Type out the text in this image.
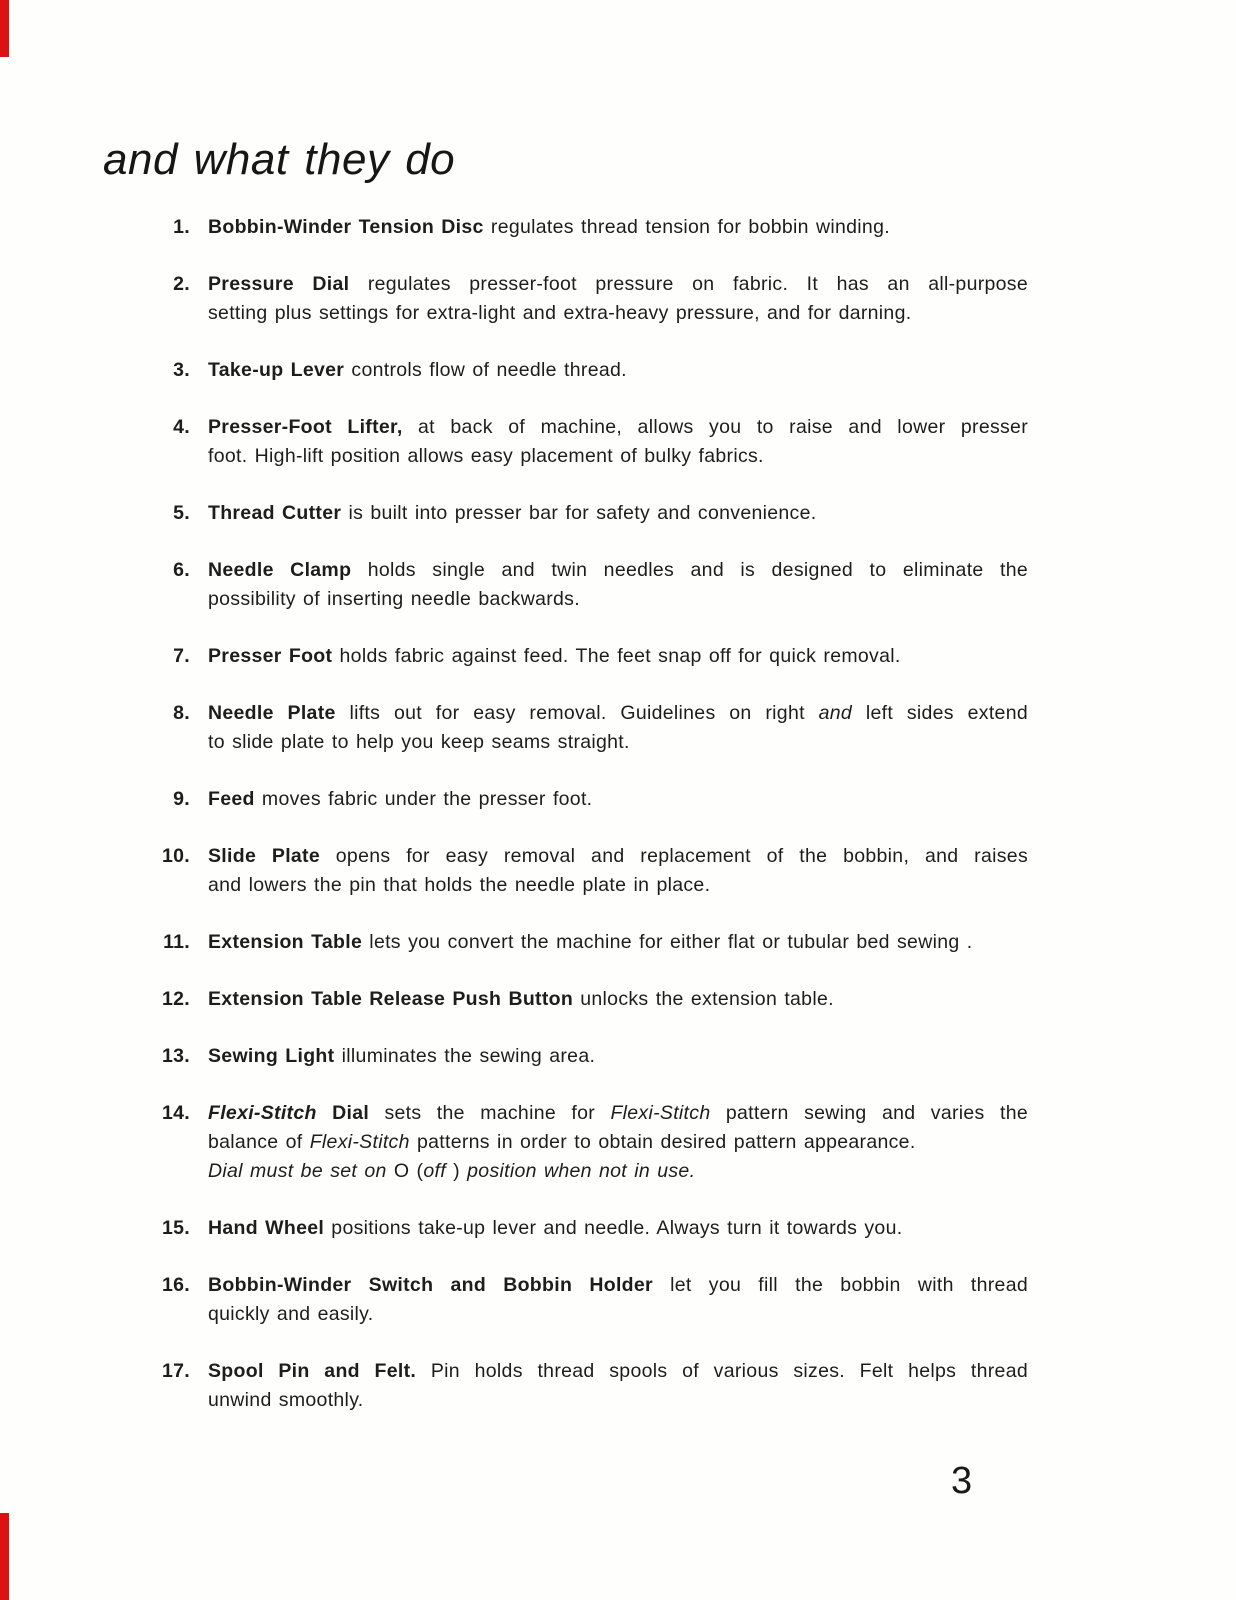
and what they do
1. Bobbin-Winder Tension Disc regulates thread tension for bobbin winding.
2. Pressure Dial regulates presser-foot pressure on fabric. It has an all-purpose
setting plus settings for extra-light and extra-heavy pressure, and for darning.
3. Take-up Lever controls flow of needle thread.
4. Presser-Foot Lifter, at back of machine, allows you to raise and lower presser
foot. High-lift position allows easy placement of bulky fabrics.
5. Thread Cutter is built into presser bar for safety and convenience.
6. Needle Clamp holds single and twin needles and is designed to eliminate the
possibility of inserting needle backwards.
7. Presser Foot holds fabric against feed. The feet snap off for quick removal.
8. Needle Plate lifts out for easy removal. Guidelines on right and left sides extend
to slide plate to help you keep seams straight.
9. Feed moves fabric under the presser foot.
10. Slide Plate opens for easy removal and replacement of the bobbin, and raises
and lowers the pin that holds the needle plate in place.
11. Extension Table lets you convert the machine for either flat or tubular bed sewing .
12. Extension Table Release Push Button unlocks the extension table.
13. Sewing Light illuminates the sewing area.
14. Flexi-Stitch Dial sets the machine for Flexi-Stitch pattern sewing and varies the
balance of Flexi-Stitch patterns in order to obtain desired pattern appearance.
Dial must be set on O (off ) position when not in use.
15. Hand Wheel positions take-up lever and needle. Always turn it towards you.
16. Bobbin-Winder Switch and Bobbin Holder let you fill the bobbin with thread
quickly and easily.
17. Spool Pin and Felt. Pin holds thread spools of various sizes. Felt helps thread
unwind smoothly.
3
